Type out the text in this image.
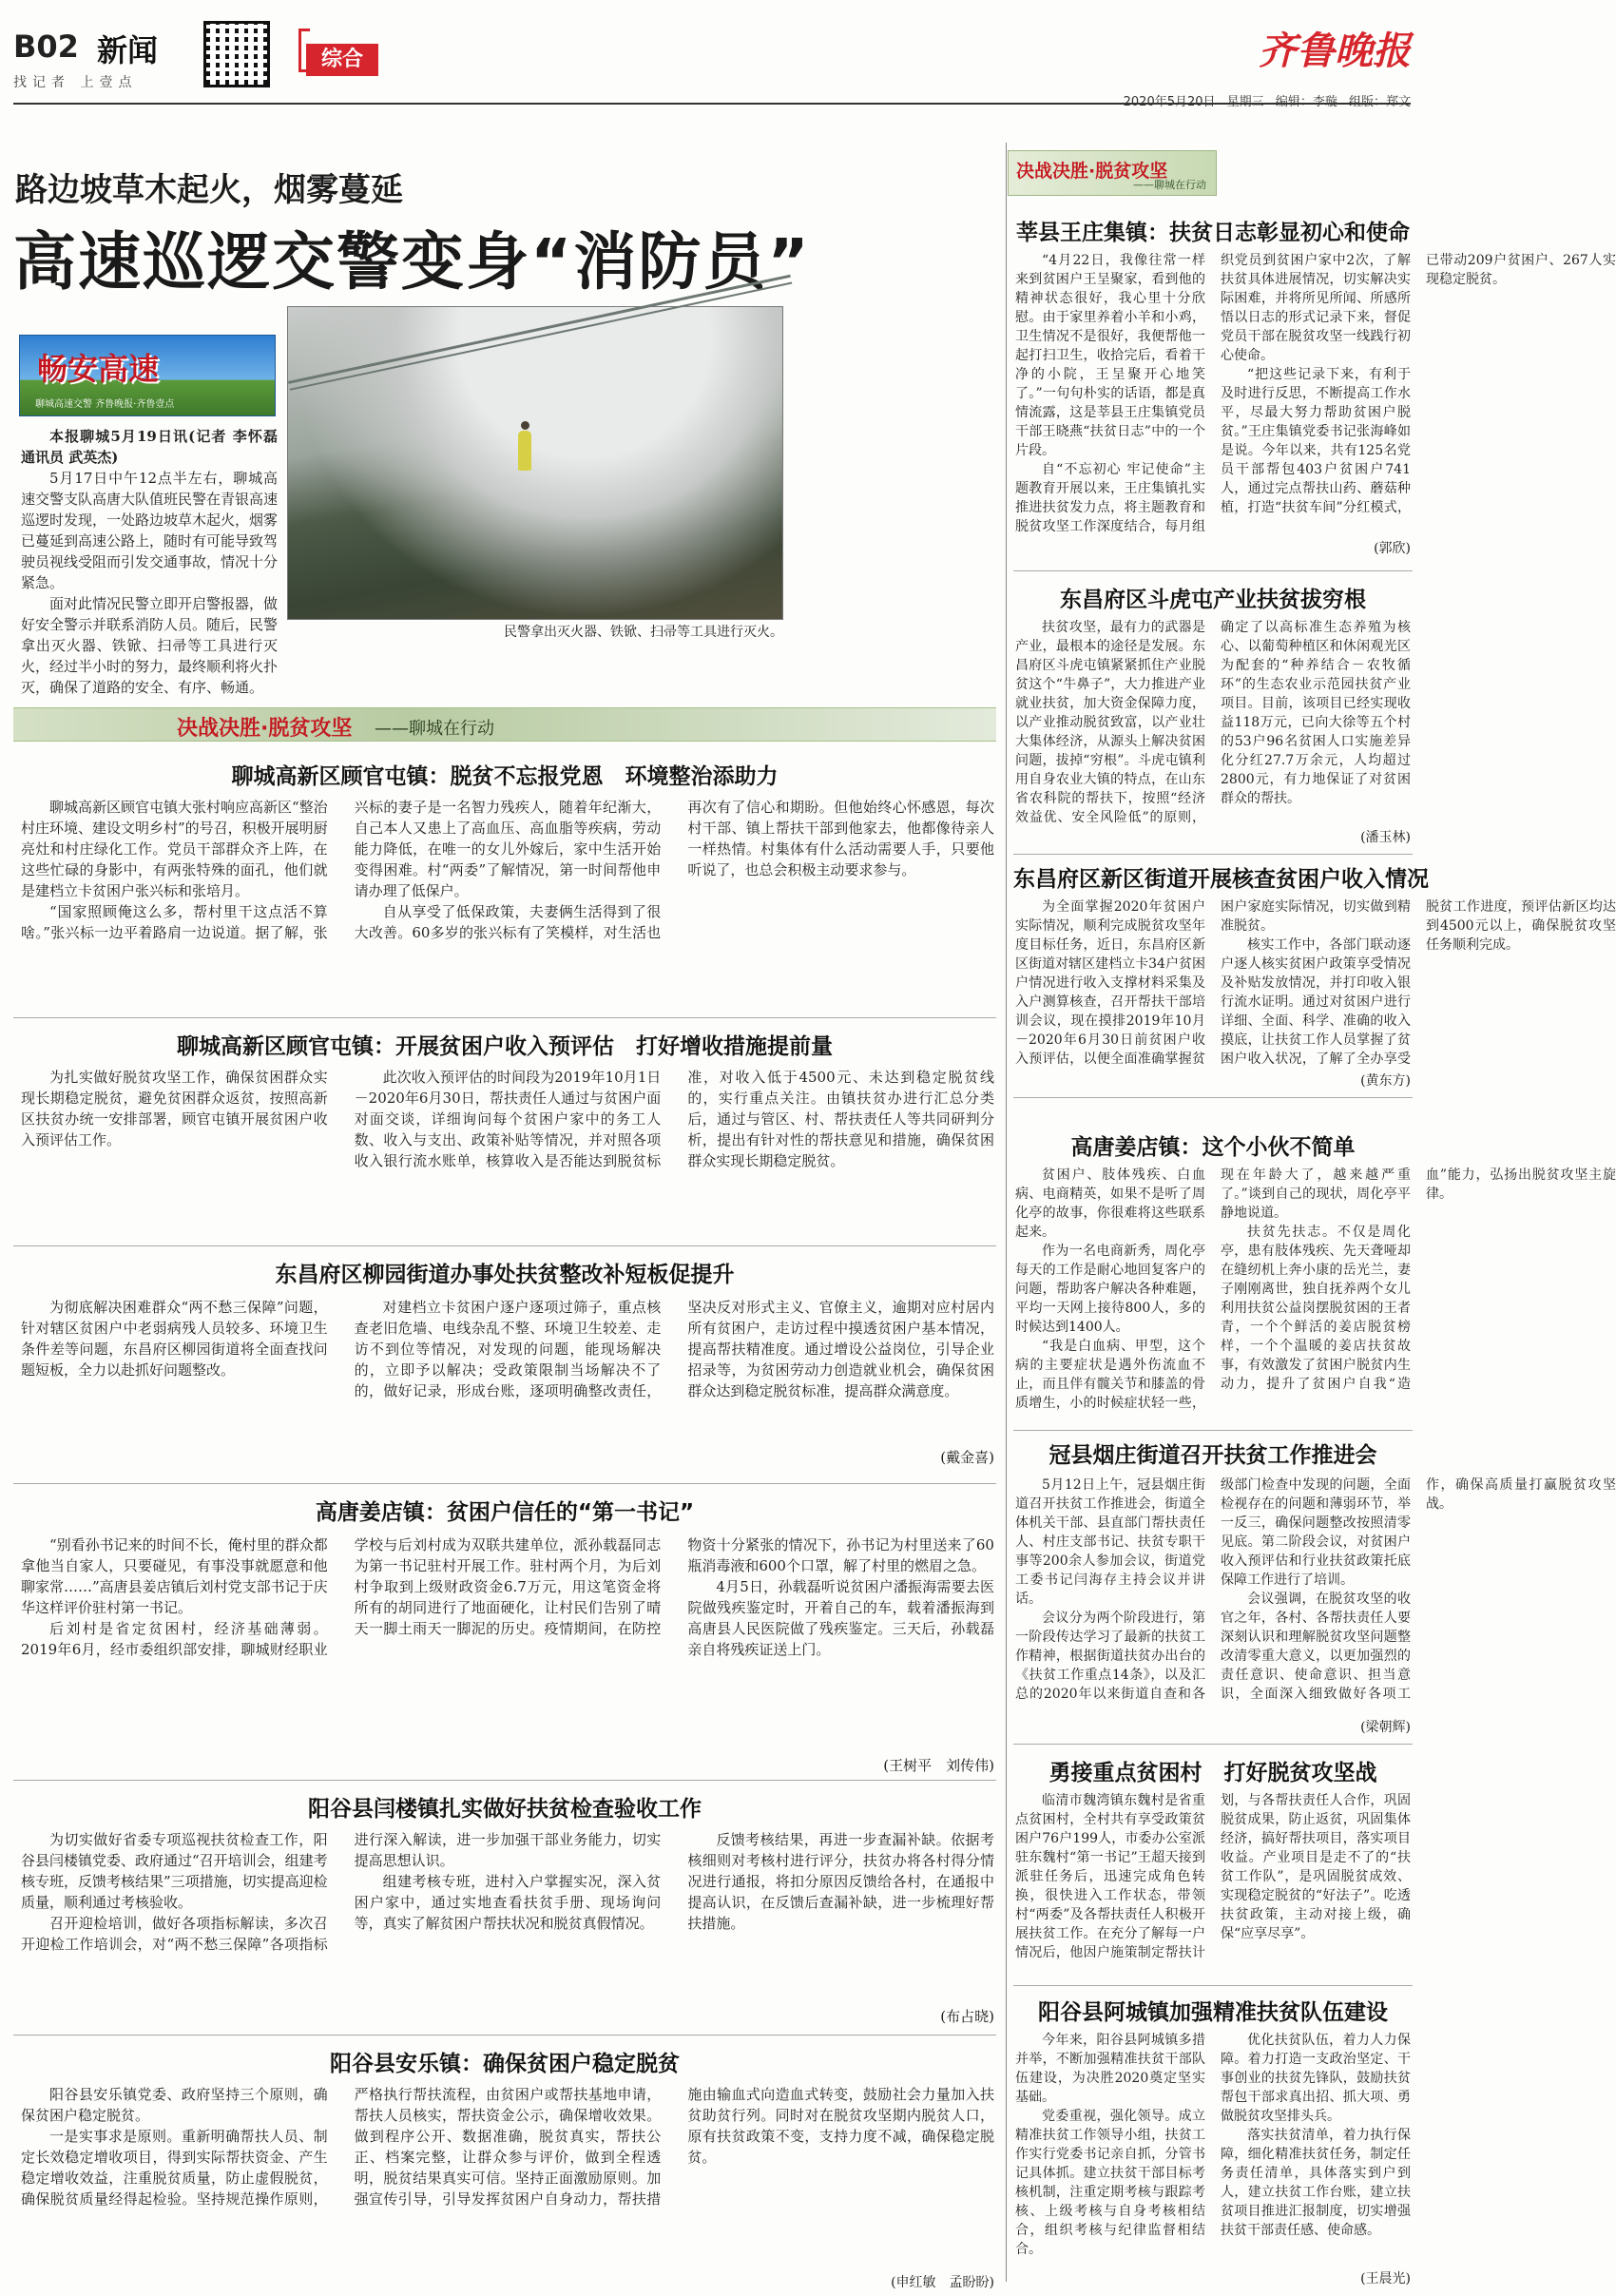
B02 新闻
找记者 上壹点
综合	齐鲁晚报
路边坡草木起火，烟雾蔓延
高速巡逻交警变身“消防员”
畅安高速
聊城高速交警 齐鲁晚报·齐鲁壹点
民警拿出灭火器、铁锨、扫帚等工具进行灭火。

本报聊城5月19日讯(记者 李怀磊 通讯员 武英杰)

5月17日中午12点半左右，聊城高速交警支队高唐大队值班民警在青银高速巡逻时发现，一处路边坡草木起火，烟雾已蔓延到高速公路上，随时有可能导致驾驶员视线受阻而引发交通事故，情况十分紧急。

面对此情况民警立即开启警报器，做好安全警示并联系消防人员。随后，民警拿出灭火器、铁锨、扫帚等工具进行灭火，经过半小时的努力，最终顺利将火扑灭，确保了道路的安全、有序、畅通。

决战决胜·脱贫攻坚
——聊城在行动
决战决胜·脱贫攻坚 ——聊城在行动
聊城高新区顾官屯镇：脱贫不忘报党恩　环境整治添助力

聊城高新区顾官屯镇大张村响应高新区“整治村庄环境、建设文明乡村”的号召，积极开展明厨亮灶和村庄绿化工作。党员干部群众齐上阵，在这些忙碌的身影中，有两张特殊的面孔，他们就是建档立卡贫困户张兴标和张培月。

“国家照顾俺这么多，帮村里干这点活不算啥。”张兴标一边平着路肩一边说道。据了解，张兴标的妻子是一名智力残疾人，随着年纪渐大，自己本人又患上了高血压、高血脂等疾病，劳动能力降低，在唯一的女儿外嫁后，家中生活开始变得困难。村“两委”了解情况，第一时间帮他申请办理了低保户。

自从享受了低保政策，夫妻俩生活得到了很大改善。60多岁的张兴标有了笑模样，对生活也再次有了信心和期盼。但他始终心怀感恩，每次村干部、镇上帮扶干部到他家去，他都像待亲人一样热情。村集体有什么活动需要人手，只要他听说了，也总会积极主动要求参与。

聊城高新区顾官屯镇：开展贫困户收入预评估　打好增收措施提前量

为扎实做好脱贫攻坚工作，确保贫困群众实现长期稳定脱贫，避免贫困群众返贫，按照高新区扶贫办统一安排部署，顾官屯镇开展贫困户收入预评估工作。

此次收入预评估的时间段为2019年10月1日－2020年6月30日，帮扶责任人通过与贫困户面对面交谈，详细询问每个贫困户家中的务工人数、收入与支出、政策补贴等情况，并对照各项收入银行流水账单，核算收入是否能达到脱贫标准，对收入低于4500元、未达到稳定脱贫线的，实行重点关注。由镇扶贫办进行汇总分类后，通过与管区、村、帮扶责任人等共同研判分析，提出有针对性的帮扶意见和措施，确保贫困群众实现长期稳定脱贫。

东昌府区柳园街道办事处扶贫整改补短板促提升

为彻底解决困难群众“两不愁三保障”问题，针对辖区贫困户中老弱病残人员较多、环境卫生条件差等问题，东昌府区柳园街道将全面查找问题短板，全力以赴抓好问题整改。

对建档立卡贫困户逐户逐项过筛子，重点核查老旧危墙、电线杂乱不整、环境卫生较差、走访不到位等情况，对发现的问题，能现场解决的，立即予以解决；受政策限制当场解决不了的，做好记录，形成台账，逐项明确整改责任，坚决反对形式主义、官僚主义，逾期对应村居内所有贫困户，走访过程中摸透贫困户基本情况，提高帮扶精准度。通过增设公益岗位，引导企业招录等，为贫困劳动力创造就业机会，确保贫困群众达到稳定脱贫标准，提高群众满意度。

(戴金喜)
高唐姜店镇：贫困户信任的“第一书记”

“别看孙书记来的时间不长，俺村里的群众都拿他当自家人，只要碰见，有事没事就愿意和他聊家常……”高唐县姜店镇后刘村党支部书记于庆华这样评价驻村第一书记。

后刘村是省定贫困村，经济基础薄弱。2019年6月，经市委组织部安排，聊城财经职业学校与后刘村成为双联共建单位，派孙载磊同志为第一书记驻村开展工作。驻村两个月，为后刘村争取到上级财政资金6.7万元，用这笔资金将所有的胡同进行了地面硬化，让村民们告别了晴天一脚土雨天一脚泥的历史。疫情期间，在防控物资十分紧张的情况下，孙书记为村里送来了60瓶消毒液和600个口罩，解了村里的燃眉之急。

4月5日，孙载磊听说贫困户潘振海需要去医院做残疾鉴定时，开着自己的车，载着潘振海到高唐县人民医院做了残疾鉴定。三天后，孙载磊亲自将残疾证送上门。

(王树平　刘传伟)
阳谷县闫楼镇扎实做好扶贫检查验收工作

为切实做好省委专项巡视扶贫检查工作，阳谷县闫楼镇党委、政府通过“召开培训会，组建考核专班，反馈考核结果”三项措施，切实提高迎检质量，顺利通过考核验收。

召开迎检培训，做好各项指标解读，多次召开迎检工作培训会，对“两不愁三保障”各项指标进行深入解读，进一步加强干部业务能力，切实提高思想认识。

组建考核专班，进村入户掌握实况，深入贫困户家中，通过实地查看扶贫手册、现场询问等，真实了解贫困户帮扶状况和脱贫真假情况。

反馈考核结果，再进一步查漏补缺。依据考核细则对考核村进行评分，扶贫办将各村得分情况进行通报，将扣分原因反馈给各村，在通报中提高认识，在反馈后查漏补缺，进一步梳理好帮扶措施。

(布占晓)
阳谷县安乐镇：确保贫困户稳定脱贫

阳谷县安乐镇党委、政府坚持三个原则，确保贫困户稳定脱贫。

一是实事求是原则。重新明确帮扶人员、制定长效稳定增收项目，得到实际帮扶资金、产生稳定增收效益，注重脱贫质量，防止虚假脱贫，确保脱贫质量经得起检验。坚持规范操作原则，严格执行帮扶流程，由贫困户或帮扶基地申请，帮扶人员核实，帮扶资金公示，确保增收效果。做到程序公开、数据准确，脱贫真实，帮扶公正、档案完整，让群众参与评价，做到全程透明，脱贫结果真实可信。坚持正面激励原则。加强宣传引导，引导发挥贫困户自身动力，帮扶措施由输血式向造血式转变，鼓励社会力量加入扶贫助贫行列。同时对在脱贫攻坚期内脱贫人口，原有扶贫政策不变，支持力度不减，确保稳定脱贫。

(申红敏　孟盼盼)
莘县王庄集镇：扶贫日志彰显初心和使命

“4月22日，我像往常一样来到贫困户王呈聚家，看到他的精神状态很好，我心里十分欣慰。由于家里养着小羊和小鸡，卫生情况不是很好，我便帮他一起打扫卫生，收拾完后，看着干净的小院，王呈聚开心地笑了。”一句句朴实的话语，都是真情流露，这是莘县王庄集镇党员干部王晓燕“扶贫日志”中的一个片段。

自“不忘初心 牢记使命”主题教育开展以来，王庄集镇扎实推进扶贫发力点，将主题教育和脱贫攻坚工作深度结合，每月组织党员到贫困户家中2次，了解扶贫具体进展情况，切实解决实际困难，并将所见所闻、所感所悟以日志的形式记录下来，督促党员干部在脱贫攻坚一线践行初心使命。

“把这些记录下来，有利于及时进行反思，不断提高工作水平，尽最大努力帮助贫困户脱贫。”王庄集镇党委书记张海峰如是说。今年以来，共有125名党员干部帮包403户贫困户741人，通过完点帮扶山药、蘑菇种植，打造“扶贫车间”分红模式，已带动209户贫困户、267人实现稳定脱贫。

(郭欣)
东昌府区斗虎屯产业扶贫拔穷根

扶贫攻坚，最有力的武器是产业，最根本的途径是发展。东昌府区斗虎屯镇紧紧抓住产业脱贫这个“牛鼻子”，大力推进产业就业扶贫，加大资金保障力度，以产业推动脱贫致富，以产业壮大集体经济，从源头上解决贫困问题，拔掉“穷根”。斗虎屯镇利用自身农业大镇的特点，在山东省农科院的帮扶下，按照“经济效益优、安全风险低”的原则，确定了以高标准生态养殖为核心、以葡萄种植区和休闲观光区为配套的“种养结合－农牧循环”的生态农业示范园扶贫产业项目。目前，该项目已经实现收益118万元，已向大徐等五个村的53户96名贫困人口实施差异化分红27.7万余元，人均超过2800元，有力地保证了对贫困群众的帮扶。

(潘玉林)
东昌府区新区街道开展核查贫困户收入情况

为全面掌握2020年贫困户实际情况，顺利完成脱贫攻坚年度目标任务，近日，东昌府区新区街道对辖区建档立卡34户贫困户情况进行收入支撑材料采集及入户测算核查，召开帮扶干部培训会议，现在摸排2019年10月－2020年6月30日前贫困户收入预评估，以便全面准确掌握贫困户家庭实际情况，切实做到精准脱贫。

核实工作中，各部门联动逐户逐人核实贫困户政策享受情况及补贴发放情况，并打印收入银行流水证明。通过对贫困户进行详细、全面、科学、准确的收入摸底，让扶贫工作人员掌握了贫困户收入状况，了解了全办享受脱贫工作进度，预评估新区均达到4500元以上，确保脱贫攻坚任务顺利完成。

(黄东方)
高唐姜店镇：这个小伙不简单

贫困户、肢体残疾、白血病、电商精英，如果不是听了周化亭的故事，你很难将这些联系起来。

作为一名电商新秀，周化亭每天的工作是耐心地回复客户的问题，帮助客户解决各种难题，平均一天网上接待800人，多的时候达到1400人。

“我是白血病、甲型，这个病的主要症状是遇外伤流血不止，而且伴有髋关节和膝盖的骨质增生，小的时候症状轻一些，现在年龄大了，越来越严重了。”谈到自己的现状，周化亭平静地说道。

扶贫先扶志。不仅是周化亭，患有肢体残疾、先天聋哑却在缝纫机上奔小康的岳光兰，妻子刚刚离世，独自抚养两个女儿利用扶贫公益岗摆脱贫困的王者青，一个个鲜活的姜店脱贫榜样，一个个温暖的姜店扶贫故事，有效激发了贫困户脱贫内生动力，提升了贫困户自我“造血”能力，弘扬出脱贫攻坚主旋律。

冠县烟庄街道召开扶贫工作推进会

5月12日上午，冠县烟庄街道召开扶贫工作推进会，街道全体机关干部、县直部门帮扶责任人、村庄支部书记、扶贫专职干事等200余人参加会议，街道党工委书记闫海存主持会议并讲话。

会议分为两个阶段进行，第一阶段传达学习了最新的扶贫工作精神，根据街道扶贫办出台的《扶贫工作重点14条》，以及汇总的2020年以来街道自查和各级部门检查中发现的问题，全面检视存在的问题和薄弱环节，举一反三，确保问题整改按照清零见底。第二阶段会议，对贫困户收入预评估和行业扶贫政策托底保障工作进行了培训。

会议强调，在脱贫攻坚的收官之年，各村、各帮扶责任人要深刻认识和理解脱贫攻坚问题整改清零重大意义，以更加强烈的责任意识、使命意识、担当意识，全面深入细致做好各项工作，确保高质量打赢脱贫攻坚战。

(梁朝辉)
勇接重点贫困村　打好脱贫攻坚战

临清市魏湾镇东魏村是省重点贫困村，全村共有享受政策贫困户76户199人，市委办公室派驻东魏村“第一书记”王超天接到派驻任务后，迅速完成角色转换，很快进入工作状态，带领村“两委”及各帮扶责任人积极开展扶贫工作。在充分了解每一户情况后，他因户施策制定帮扶计划，与各帮扶责任人合作，巩固脱贫成果，防止返贫，巩固集体经济，搞好帮扶项目，落实项目收益。产业项目是走不了的“扶贫工作队”，是巩固脱贫成效、实现稳定脱贫的“好法子”。吃透扶贫政策，主动对接上级，确保“应享尽享”。

阳谷县阿城镇加强精准扶贫队伍建设

今年来，阳谷县阿城镇多措并举，不断加强精准扶贫干部队伍建设，为决胜2020奠定坚实基础。

党委重视，强化领导。成立精准扶贫工作领导小组，扶贫工作实行党委书记亲自抓，分管书记具体抓。建立扶贫干部目标考核机制，注重定期考核与跟踪考核、上级考核与自身考核相结合，组织考核与纪律监督相结合。

优化扶贫队伍，着力人力保障。着力打造一支政治坚定、干事创业的扶贫先锋队，鼓励扶贫帮包干部求真出招、抓大项、勇做脱贫攻坚排头兵。

落实扶贫清单，着力执行保障，细化精准扶贫任务，制定任务责任清单，具体落实到户到人，建立扶贫工作台账，建立扶贫项目推进汇报制度，切实增强扶贫干部责任感、使命感。

(王晨光)
